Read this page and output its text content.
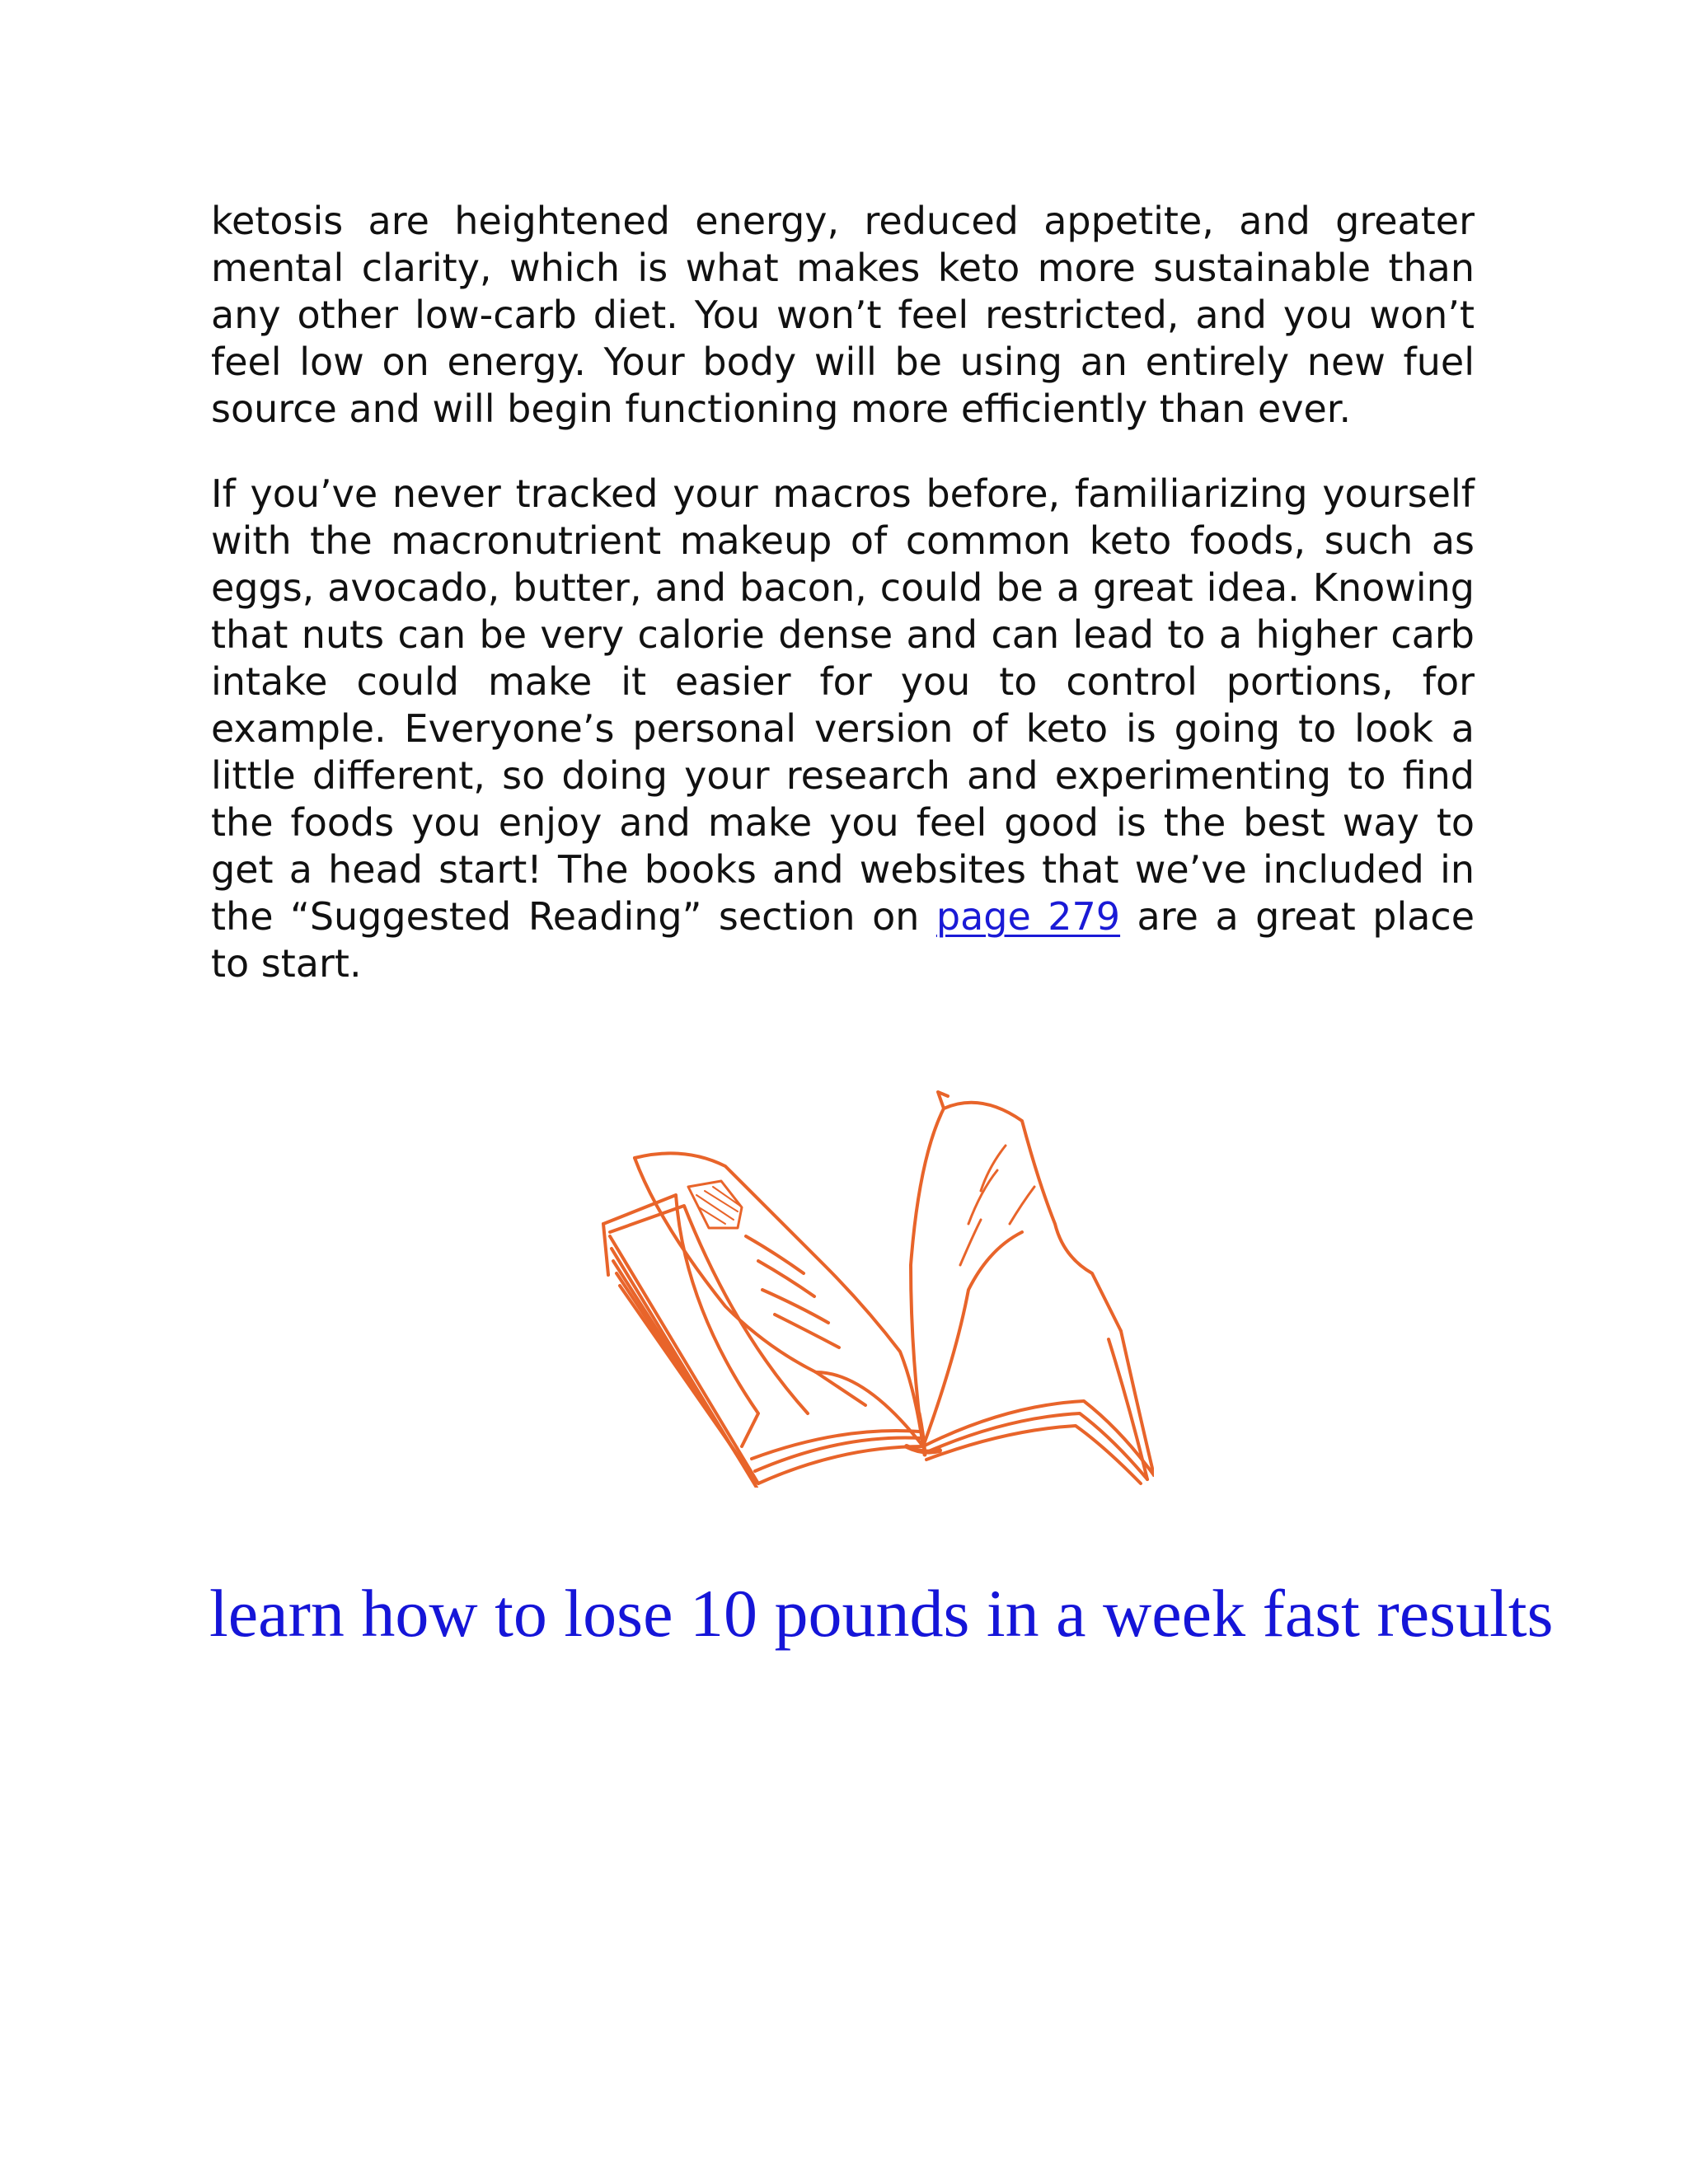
ketosis are heightened energy, reduced appetite, and greater mental clarity, which is what makes keto more sustainable than any other low-carb diet. You won’t feel restricted, and you won’t feel low on energy. Your body will be using an entirely new fuel source and will begin functioning more efficiently than ever.

If you’ve never tracked your macros before, familiarizing yourself with the macronutrient makeup of common keto foods, such as eggs, avocado, butter, and bacon, could be a great idea. Knowing that nuts can be very calorie dense and can lead to a higher carb intake could make it easier for you to control portions, for example. Everyone’s personal version of keto is going to look a little different, so doing your research and experimenting to find the foods you enjoy and make you feel good is the best way to get a head start! The books and websites that we’ve included in the “Suggested Reading” section on page 279 are a great place to start.

learn how to lose 10 pounds in a week fast results
